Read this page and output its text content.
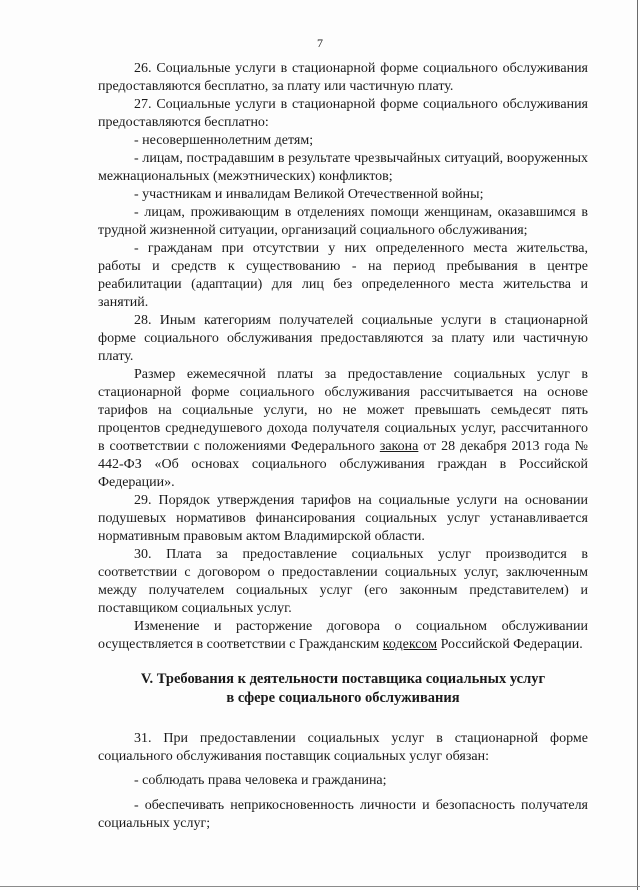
7

26. Социальные услуги в стационарной форме социального обслуживания предоставляются бесплатно, за плату или частичную плату.

27. Социальные услуги в стационарной форме социального обслуживания предоставляются бесплатно:

- несовершеннолетним детям;

- лицам, пострадавшим в результате чрезвычайных ситуаций, вооруженных межнациональных (межэтнических) конфликтов;

- участникам и инвалидам Великой Отечественной войны;

- лицам, проживающим в отделениях помощи женщинам, оказавшимся в трудной жизненной ситуации, организаций социального обслуживания;

- гражданам при отсутствии у них определенного места жительства, работы и средств к существованию - на период пребывания в центре реабилитации (адаптации) для лиц без определенного места жительства и занятий.

28. Иным категориям получателей социальные услуги в стационарной форме социального обслуживания предоставляются за плату или частичную плату.

Размер ежемесячной платы за предоставление социальных услуг в стационарной форме социального обслуживания рассчитывается на основе тарифов на социальные услуги, но не может превышать семьдесят пять процентов среднедушевого дохода получателя социальных услуг, рассчитанного в соответствии с положениями Федерального закона от 28 декабря 2013 года № 442-ФЗ «Об основах социального обслуживания граждан в Российской Федерации».

29. Порядок утверждения тарифов на социальные услуги на основании подушевых нормативов финансирования социальных услуг устанавливается нормативным правовым актом Владимирской области.

30. Плата за предоставление социальных услуг производится в соответствии с договором о предоставлении социальных услуг, заключенным между получателем социальных услуг (его законным представителем) и поставщиком социальных услуг.

Изменение и расторжение договора о социальном обслуживании осуществляется в соответствии с Гражданским кодексом Российской Федерации.

V. Требования к деятельности поставщика социальных услуг
в сфере социального обслуживания

31. При предоставлении социальных услуг в стационарной форме социального обслуживания поставщик социальных услуг обязан:

- соблюдать права человека и гражданина;

- обеспечивать неприкосновенность личности и безопасность получателя социальных услуг;
